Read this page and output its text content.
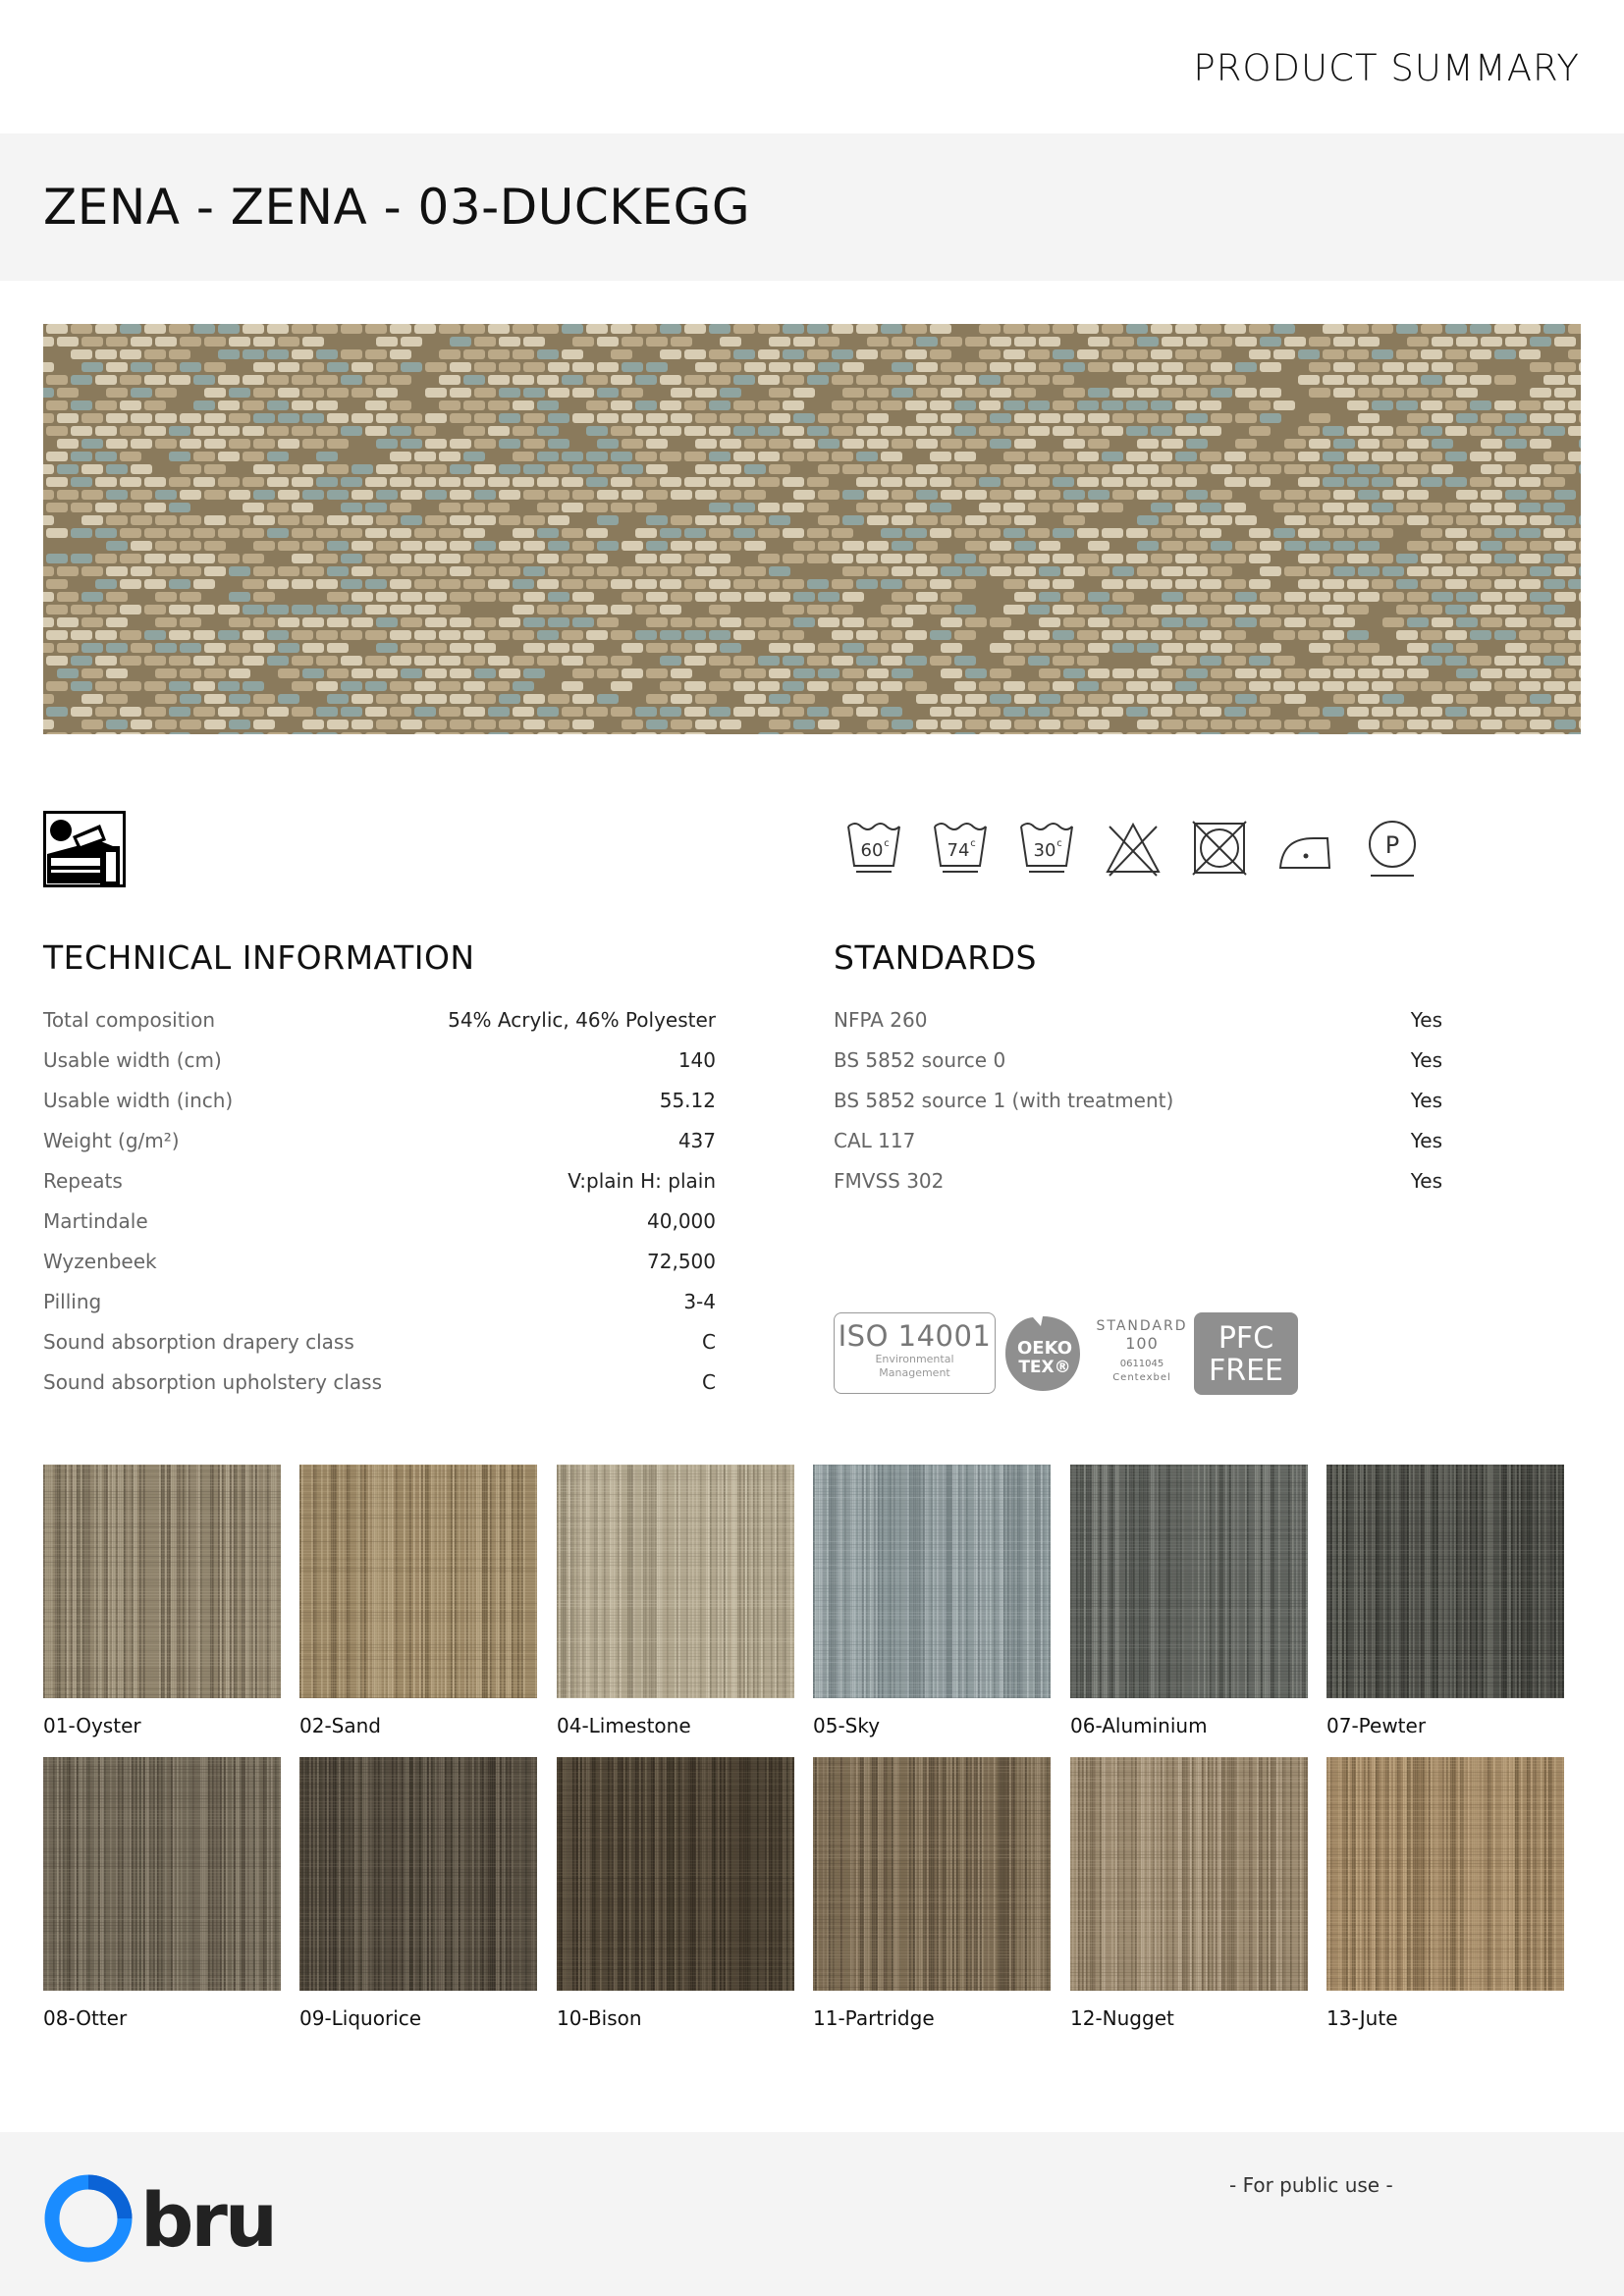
PRODUCT SUMMARY
ZENA - ZENA - 03-DUCKEGG
60 c	74 c	30 c	P
TECHNICAL INFORMATION	STANDARDS
Total composition	54% Acrylic, 46% Polyester
Usable width (cm)	140
Usable width (inch)	55.12
Weight (g/m²)	437
Repeats	V:plain H: plain
Martindale	40,000
Wyzenbeek	72,500
Pilling	3-4
Sound absorption drapery class	C
Sound absorption upholstery class	C
NFPA 260	Yes
BS 5852 source 0	Yes
BS 5852 source 1 (with treatment)	Yes
CAL 117	Yes
FMVSS 302	Yes
ISO 14001
Environmental
Management
OEKO
TEX®
STANDARD
100
0611045
Centexbel
PFC
FREE
01-Oyster	02-Sand	04-Limestone	05-Sky	06-Aluminium	07-Pewter
08-Otter	09-Liquorice	10-Bison	11-Partridge	12-Nugget	13-Jute
bru	- For public use -
